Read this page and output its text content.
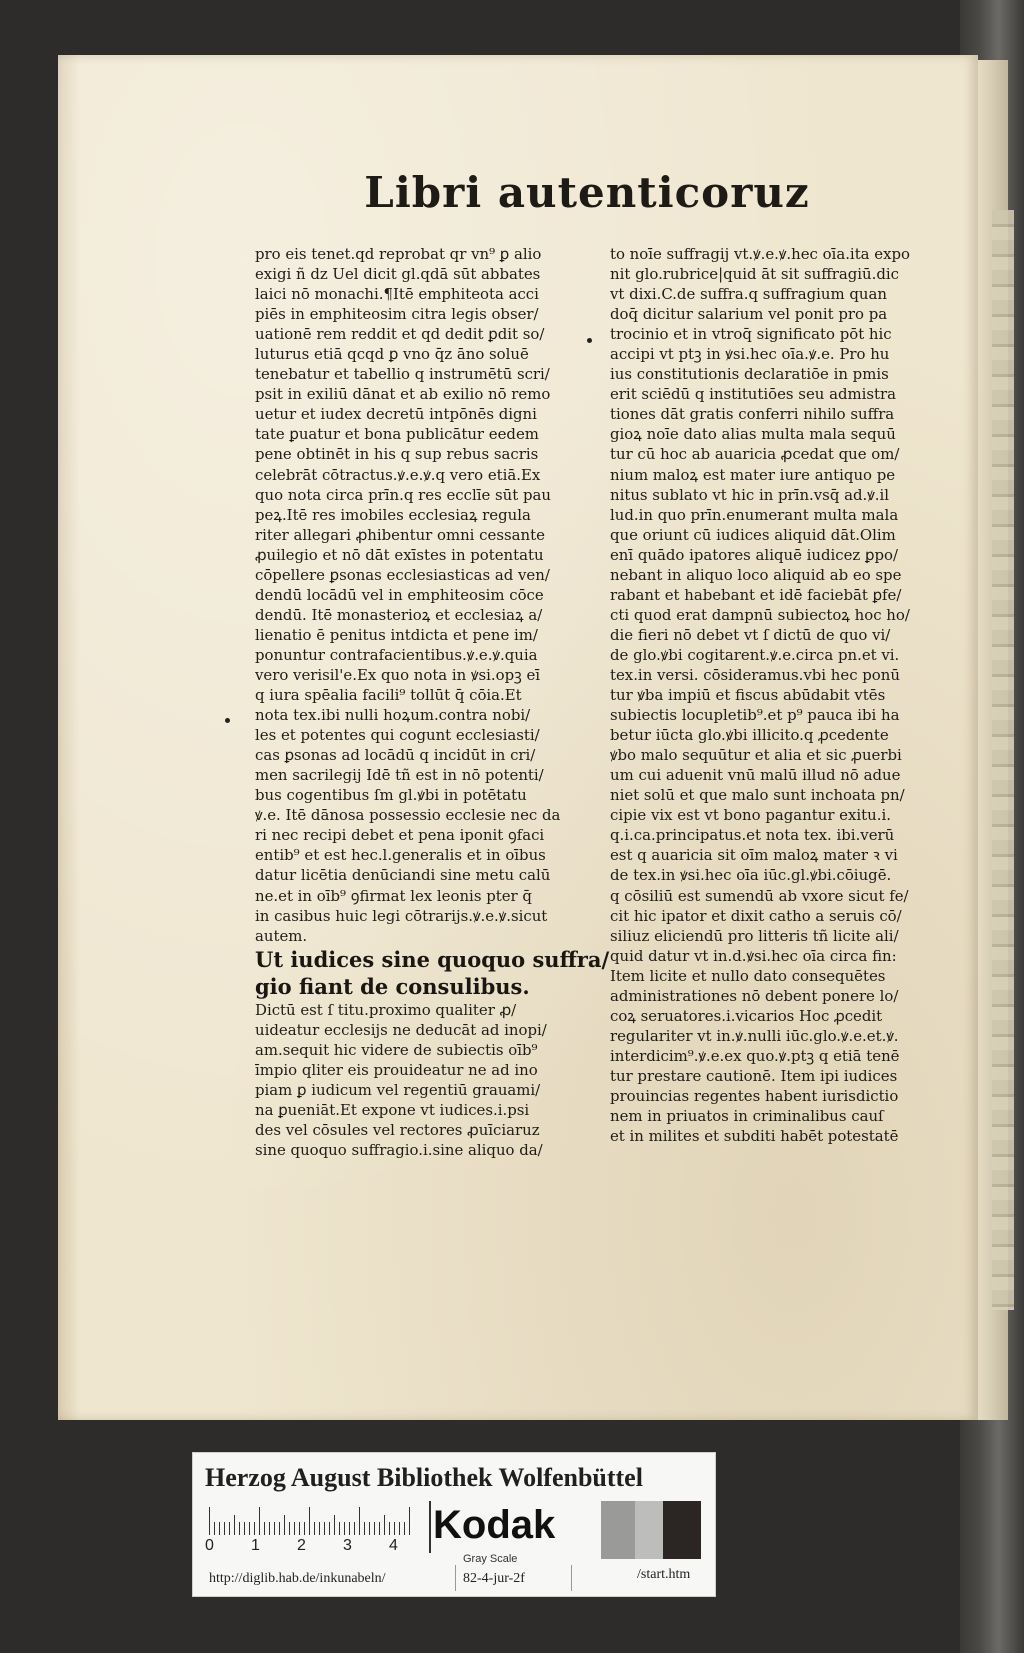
Libri autenticoruz
pro eis tenet.qd reprobat qr vn⁹ ꝑ alio
exigi ñ dz Uel dicit gl.qdā sūt abbates
laici nō monachi.¶Itē emphiteota acci
piēs in emphiteosim citra legis obser/
uationē rem reddit et qd dedit ꝑdit so/
luturus etiā qcqd ꝑ vno q̄z āno soluē
tenebatur et tabellio q instrumētū scri/
psit in exiliū dānat et ab exilio nō remo
uetur et iudex decretū intpōnēs digni
tate ꝑuatur et bona publicātur eedem
pene obtinēt in his q sup rebus sacris
celebrāt cōtractus.ꝟ.e.ꝟ.q vero etiā.Ex
quo nota circa prīn.q res ecclīe sūt pau
peꝝ.Itē res imobiles ecclesiaꝝ regula
riter allegari ꝓhibentur omni cessante
ꝓuilegio et nō dāt exīstes in potentatu
cōpellere ꝑsonas ecclesiasticas ad ven/
dendū locādū vel in emphiteosim cōce
dendū. Itē monasterioꝝ et ecclesiaꝝ a/
lienatio ē penitus intdicta et pene im/
ponuntur contrafacientibus.ꝟ.e.ꝟ.quia
vero verisil'e.Ex quo nota in ꝟsi.opꝫ eī
q iura spēalia facili⁹ tollūt q̄ cōia.Et
nota tex.ibi nulli hoꝝum.contra nobi/
les et potentes qui cogunt ecclesiasti/
cas ꝑsonas ad locādū q incidūt in cri/
men sacrilegij Idē tñ est in nō potenti/
bus cogentibus ſm gl.ꝟbi in potētatu
ꝟ.e. Itē dānosa possessio ecclesie nec da
ri nec recipi debet et pena iponit ꝯfaci
entib⁹ et est hec.l.generalis et in oībus
datur licētia denūciandi sine metu calū
ne.et in oīb⁹ ꝯfirmat lex leonis pter q̄
in casibus huic legi cōtrarijs.ꝟ.e.ꝟ.sicut
autem.
Ut iudices sine quoquo suffra/
gio fiant de consulibus.
Dictū est ſ titu.proximo qualiter ꝓ/
uideatur ecclesijs ne deducāt ad inopi/
am.sequit hic videre de subiectis oīb⁹
īmpio qliter eis prouideatur ne ad ino
piam ꝑ iudicum vel regentiū grauami/
na ꝑueniāt.Et expone vt iudices.i.psi
des vel cōsules vel rectores ꝓuīciaruz
sine quoquo suffragio.i.sine aliquo da/
to noīe suffragij vt.ꝟ.e.ꝟ.hec oīa.ita expo
nit glo.rubrice|quid āt sit suffragiū.dic
vt dixi.C.de suffra.q suffragium quan
doq̄ dicitur salarium vel ponit pro pa
trocinio et in vtroq̄ significato pōt hic
accipi vt ptꝫ in ꝟsi.hec oīa.ꝟ.e. Pro hu
ius constitutionis declaratiōe in pmis
erit sciēdū q institutiōes seu admistra
tiones dāt gratis conferri nihilo suffra
gioꝝ noīe dato alias multa mala sequū
tur cū hoc ab auaricia ꝓcedat que om/
nium maloꝝ est mater iure antiquo pe
nitus sublato vt hic in prīn.vsq̄ ad.ꝟ.il
lud.in quo prīn.enumerant multa mala
que oriunt cū iudices aliquid dāt.Olim
enī quādo ipatores aliquē iudicez ꝑpo/
nebant in aliquo loco aliquid ab eo spe
rabant et habebant et idē faciebāt ꝑfe/
cti quod erat dampnū subiectoꝝ hoc ho/
die fieri nō debet vt ſ dictū de quo vi/
de glo.ꝟbi cogitarent.ꝟ.e.circa pn.et vi.
tex.in versi. cōsideramus.vbi hec ponū
tur ꝟba impiū et fiscus abūdabit vtēs
subiectis locupletib⁹.et p⁹ pauca ibi ha
betur iūcta glo.ꝟbi illicito.q ꝓcedente
ꝟbo malo sequūtur et alia et sic ꝓuerbi
um cui aduenit vnū malū illud nō adue
niet solū et que malo sunt inchoata pn/
cipie vix est vt bono pagantur exitu.i.
q.i.ca.principatus.et nota tex. ibi.verū
est q auaricia sit oīm maloꝝ mater ꝛ vi
de tex.in ꝟsi.hec oīa iūc.gl.ꝟbi.cōiugē.
q cōsiliū est sumendū ab vxore sicut fe/
cit hic ipator et dixit catho a seruis cō/
siliuz eliciendū pro litteris tñ licite ali/
quid datur vt in.d.ꝟsi.hec oīa circa fin:
Item licite et nullo dato consequētes
administrationes nō debent ponere lo/
coꝝ seruatores.i.vicarios Hoc ꝓcedit
regulariter vt in.ꝟ.nulli iūc.glo.ꝟ.e.et.ꝟ.
interdicim⁹.ꝟ.e.ex quo.ꝟ.ptꝫ q etiā tenē
tur prestare cautionē. Item ipi iudices
prouincias regentes habent iurisdictio
nem in priuatos in criminalibus cauſ
et in milites et subditi habēt potestatē
Herzog August Bibliothek Wolfenbüttel
0 1 2 3 4 Kodak
Gray Scale
http://diglib.hab.de/inkunabeln/	82-4-jur-2f	/start.htm
